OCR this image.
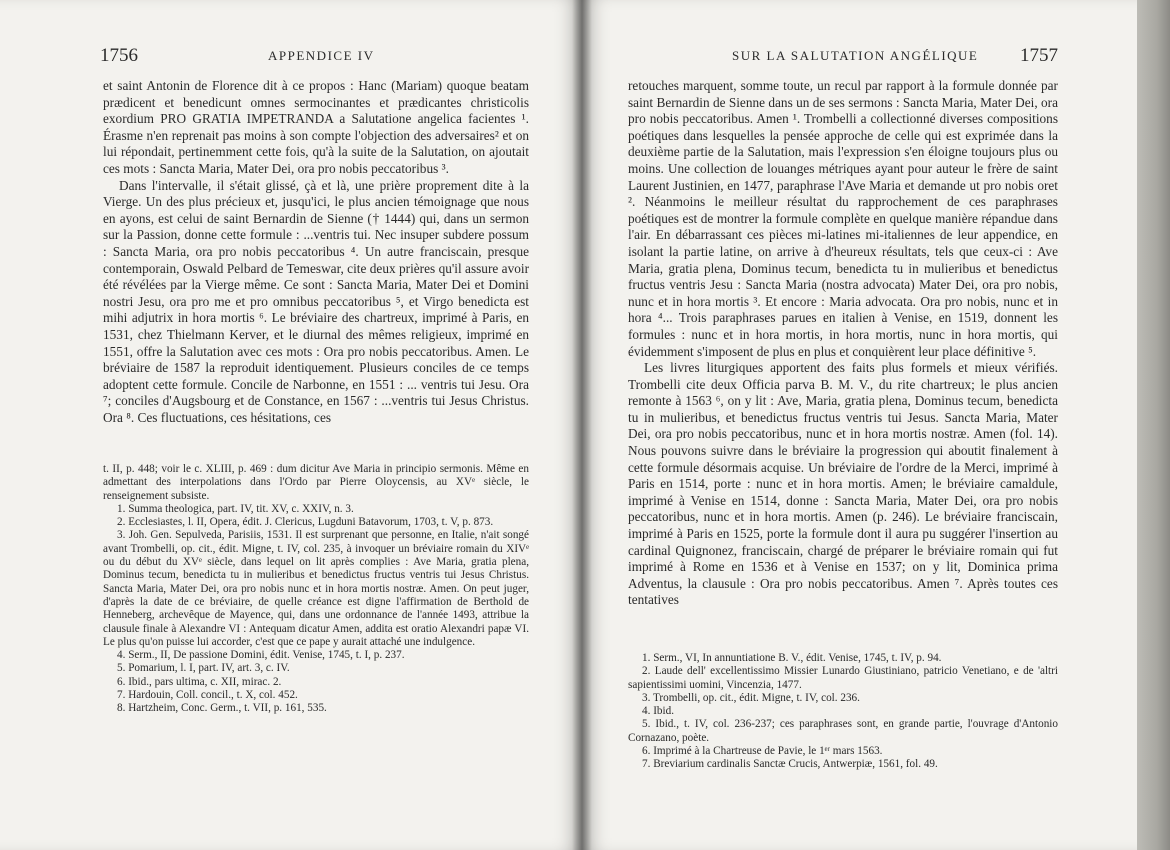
1756	APPENDICE IV

et saint Antonin de Florence dit à ce propos : Hanc (Mariam) quoque beatam prædicent et benedicunt omnes sermocinantes et prædicantes christicolis exordium PRO GRATIA IMPETRANDA a Salutatione angelica facientes ¹. Érasme n'en reprenait pas moins à son compte l'objection des adversaires² et on lui répondait, pertinemment cette fois, qu'à la suite de la Salutation, on ajoutait ces mots : Sancta Maria, Mater Dei, ora pro nobis peccatoribus ³.

Dans l'intervalle, il s'était glissé, çà et là, une prière proprement dite à la Vierge. Un des plus précieux et, jusqu'ici, le plus ancien témoignage que nous en ayons, est celui de saint Bernardin de Sienne († 1444) qui, dans un sermon sur la Passion, donne cette formule : ...ventris tui. Nec insuper subdere possum : Sancta Maria, ora pro nobis peccatoribus ⁴. Un autre franciscain, presque contemporain, Oswald Pelbard de Temeswar, cite deux prières qu'il assure avoir été révélées par la Vierge même. Ce sont : Sancta Maria, Mater Dei et Domini nostri Jesu, ora pro me et pro omnibus peccatoribus ⁵, et Virgo benedicta est mihi adjutrix in hora mortis ⁶. Le bréviaire des chartreux, imprimé à Paris, en 1531, chez Thielmann Kerver, et le diurnal des mêmes religieux, imprimé en 1551, offre la Salutation avec ces mots : Ora pro nobis peccatoribus. Amen. Le bréviaire de 1587 la reproduit identiquement. Plusieurs conciles de ce temps adoptent cette formule. Concile de Narbonne, en 1551 : ... ventris tui Jesu. Ora ⁷; conciles d'Augsbourg et de Constance, en 1567 : ...ventris tui Jesus Christus. Ora ⁸. Ces fluctuations, ces hésitations, ces

t. II, p. 448; voir le c. XLIII, p. 469 : dum dicitur Ave Maria in principio sermonis. Même en admettant des interpolations dans l'Ordo par Pierre Oloycensis, au XVᵉ siècle, le renseignement subsiste.

1. Summa theologica, part. IV, tit. XV, c. XXIV, n. 3.

2. Ecclesiastes, l. II, Opera, édit. J. Clericus, Lugduni Batavorum, 1703, t. V, p. 873.

3. Joh. Gen. Sepulveda, Parisiis, 1531. Il est surprenant que personne, en Italie, n'ait songé avant Trombelli, op. cit., édit. Migne, t. IV, col. 235, à invoquer un bréviaire romain du XIVᵉ ou du début du XVᵉ siècle, dans lequel on lit après complies : Ave Maria, gratia plena, Dominus tecum, benedicta tu in mulieribus et benedictus fructus ventris tui Jesus Christus. Sancta Maria, Mater Dei, ora pro nobis nunc et in hora mortis nostræ. Amen. On peut juger, d'après la date de ce bréviaire, de quelle créance est digne l'affirmation de Berthold de Henneberg, archevêque de Mayence, qui, dans une ordonnance de l'année 1493, attribue la clausule finale à Alexandre VI : Antequam dicatur Amen, addita est oratio Alexandri papæ VI. Le plus qu'on puisse lui accorder, c'est que ce pape y aurait attaché une indulgence.

4. Serm., II, De passione Domini, édit. Venise, 1745, t. I, p. 237.

5. Pomarium, l. I, part. IV, art. 3, c. IV.

6. Ibid., pars ultima, c. XII, mirac. 2.

7. Hardouin, Coll. concil., t. X, col. 452.

8. Hartzheim, Conc. Germ., t. VII, p. 161, 535.

SUR LA SALUTATION ANGÉLIQUE 1757

retouches marquent, somme toute, un recul par rapport à la formule donnée par saint Bernardin de Sienne dans un de ses sermons : Sancta Maria, Mater Dei, ora pro nobis peccatoribus. Amen ¹. Trombelli a collectionné diverses compositions poétiques dans lesquelles la pensée approche de celle qui est exprimée dans la deuxième partie de la Salutation, mais l'expression s'en éloigne toujours plus ou moins. Une collection de louanges métriques ayant pour auteur le frère de saint Laurent Justinien, en 1477, paraphrase l'Ave Maria et demande ut pro nobis oret ². Néanmoins le meilleur résultat du rapprochement de ces paraphrases poétiques est de montrer la formule complète en quelque manière répandue dans l'air. En débarrassant ces pièces mi-latines mi-italiennes de leur appendice, en isolant la partie latine, on arrive à d'heureux résultats, tels que ceux-ci : Ave Maria, gratia plena, Dominus tecum, benedicta tu in mulieribus et benedictus fructus ventris Jesu : Sancta Maria (nostra advocata) Mater Dei, ora pro nobis, nunc et in hora mortis ³. Et encore : Maria advocata. Ora pro nobis, nunc et in hora ⁴... Trois paraphrases parues en italien à Venise, en 1519, donnent les formules : nunc et in hora mortis, in hora mortis, nunc in hora mortis, qui évidemment s'imposent de plus en plus et conquièrent leur place définitive ⁵.

Les livres liturgiques apportent des faits plus formels et mieux vérifiés. Trombelli cite deux Officia parva B. M. V., du rite chartreux; le plus ancien remonte à 1563 ⁶, on y lit : Ave, Maria, gratia plena, Dominus tecum, benedicta tu in mulieribus, et benedictus fructus ventris tui Jesus. Sancta Maria, Mater Dei, ora pro nobis peccatoribus, nunc et in hora mortis nostræ. Amen (fol. 14). Nous pouvons suivre dans le bréviaire la progression qui aboutit finalement à cette formule désormais acquise. Un bréviaire de l'ordre de la Merci, imprimé à Paris en 1514, porte : nunc et in hora mortis. Amen; le bréviaire camaldule, imprimé à Venise en 1514, donne : Sancta Maria, Mater Dei, ora pro nobis peccatoribus, nunc et in hora mortis. Amen (p. 246). Le bréviaire franciscain, imprimé à Paris en 1525, porte la formule dont il aura pu suggérer l'insertion au cardinal Quignonez, franciscain, chargé de préparer le bréviaire romain qui fut imprimé à Rome en 1536 et à Venise en 1537; on y lit, Dominica prima Adventus, la clausule : Ora pro nobis peccatoribus. Amen ⁷. Après toutes ces tentatives

1. Serm., VI, In annuntiatione B. V., édit. Venise, 1745, t. IV, p. 94.

2. Laude dell' excellentissimo Missier Lunardo Giustiniano, patricio Venetiano, e de 'altri sapientissimi uomini, Vincenzia, 1477.

3. Trombelli, op. cit., édit. Migne, t. IV, col. 236.

4. Ibid.

5. Ibid., t. IV, col. 236-237; ces paraphrases sont, en grande partie, l'ouvrage d'Antonio Cornazano, poète.

6. Imprimé à la Chartreuse de Pavie, le 1ᵉʳ mars 1563.

7. Breviarium cardinalis Sanctæ Crucis, Antwerpiæ, 1561, fol. 49.
